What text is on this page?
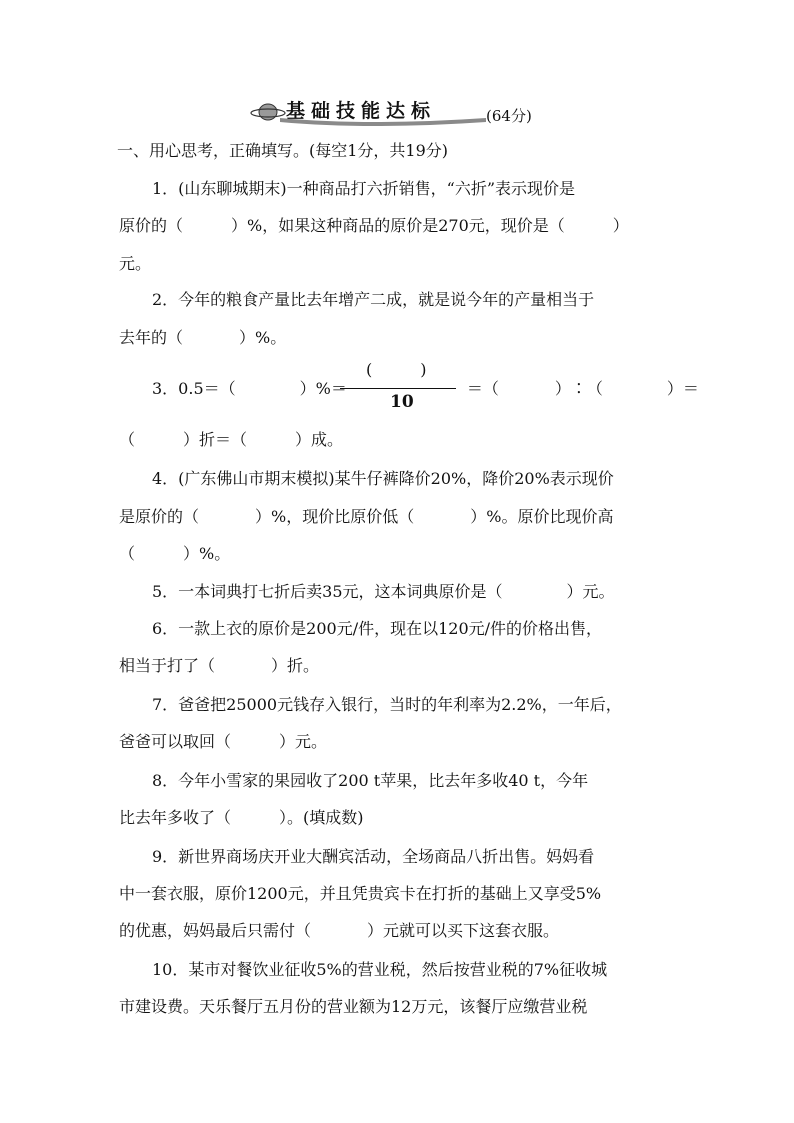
基础技能达标	(64分)
一、用心思考，正确填写。(每空1分，共19分)
1．(山东聊城期末)一种商品打六折销售，“六折”表示现价是
原价的（	）%，如果这种商品的原价是270元，现价是（	）
元。
2．今年的粮食产量比去年增产二成，就是说今年的产量相当于
去年的（	）%。
3．0.5＝（	）%＝	＝（	）∶（	）＝
(	)
10
（	）折＝（	）成。
4．(广东佛山市期末模拟)某牛仔裤降价20%，降价20%表示现价
是原价的（	）%，现价比原价低（	）%。原价比现价高
（	）%。
5．一本词典打七折后卖35元，这本词典原价是（	）元。
6．一款上衣的原价是200元/件，现在以120元/件的价格出售，
相当于打了（	）折。
7．爸爸把25000元钱存入银行，当时的年利率为2.2%，一年后，
爸爸可以取回（	）元。
8．今年小雪家的果园收了200 t苹果，比去年多收40 t，今年
比去年多收了（	）。(填成数)
9．新世界商场庆开业大酬宾活动，全场商品八折出售。妈妈看
中一套衣服，原价1200元，并且凭贵宾卡在打折的基础上又享受5%
的优惠，妈妈最后只需付（	）元就可以买下这套衣服。
10．某市对餐饮业征收5%的营业税，然后按营业税的7%征收城
市建设费。天乐餐厅五月份的营业额为12万元，该餐厅应缴营业税
